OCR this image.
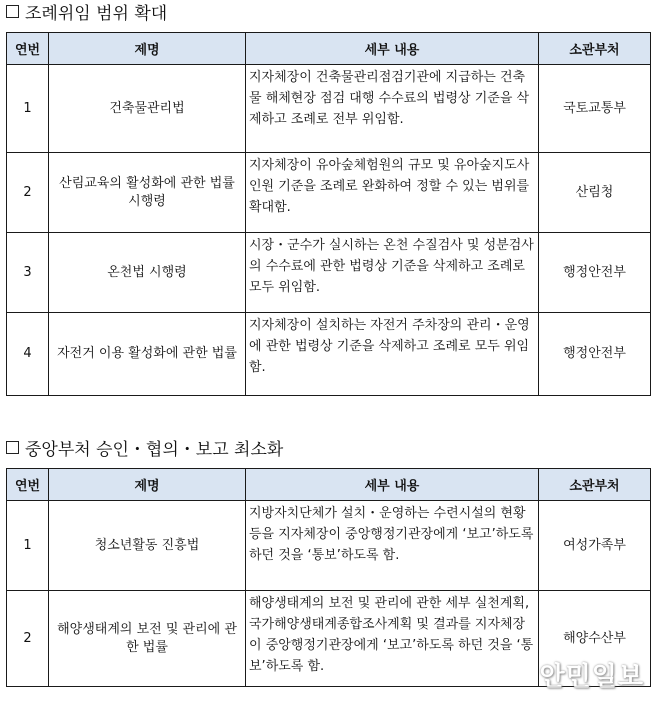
조례위임 범위 확대
연번	제명	세부 내용	소관부처
1	건축물관리법	지자체장이 건축물관리점검기관에 지급하는 건축물 해체현장 점검 대행 수수료의 법령상 기준을 삭제하고 조례로 전부 위임함.	국토교통부
2	산림교육의 활성화에 관한 법률 시행령	지자체장이 유아숲체험원의 규모 및 유아숲지도사 인원 기준을 조례로 완화하여 정할 수 있는 범위를 확대함.	산림청
3	온천법 시행령	시장・군수가 실시하는 온천 수질검사 및 성분검사의 수수료에 관한 법령상 기준을 삭제하고 조례로 모두 위임함.	행정안전부
4	자전거 이용 활성화에 관한 법률	지자체장이 설치하는 자전거 주차장의 관리・운영에 관한 법령상 기준을 삭제하고 조례로 모두 위임함.	행정안전부
중앙부처 승인・협의・보고 최소화
연번	제명	세부 내용	소관부처
1	청소년활동 진흥법	지방자치단체가 설치・운영하는 수련시설의 현황 등을 지자체장이 중앙행정기관장에게 ‘보고’하도록 하던 것을 ‘통보’하도록 함.	여성가족부
2	해양생태계의 보전 및 관리에 관한 법률	해양생태계의 보전 및 관리에 관한 세부 실천계획, 국가해양생태계종합조사계획 및 결과를 지자체장이 중앙행정기관장에게 ‘보고’하도록 하던 것을 ‘통보’하도록 함.	해양수산부
안민일보
